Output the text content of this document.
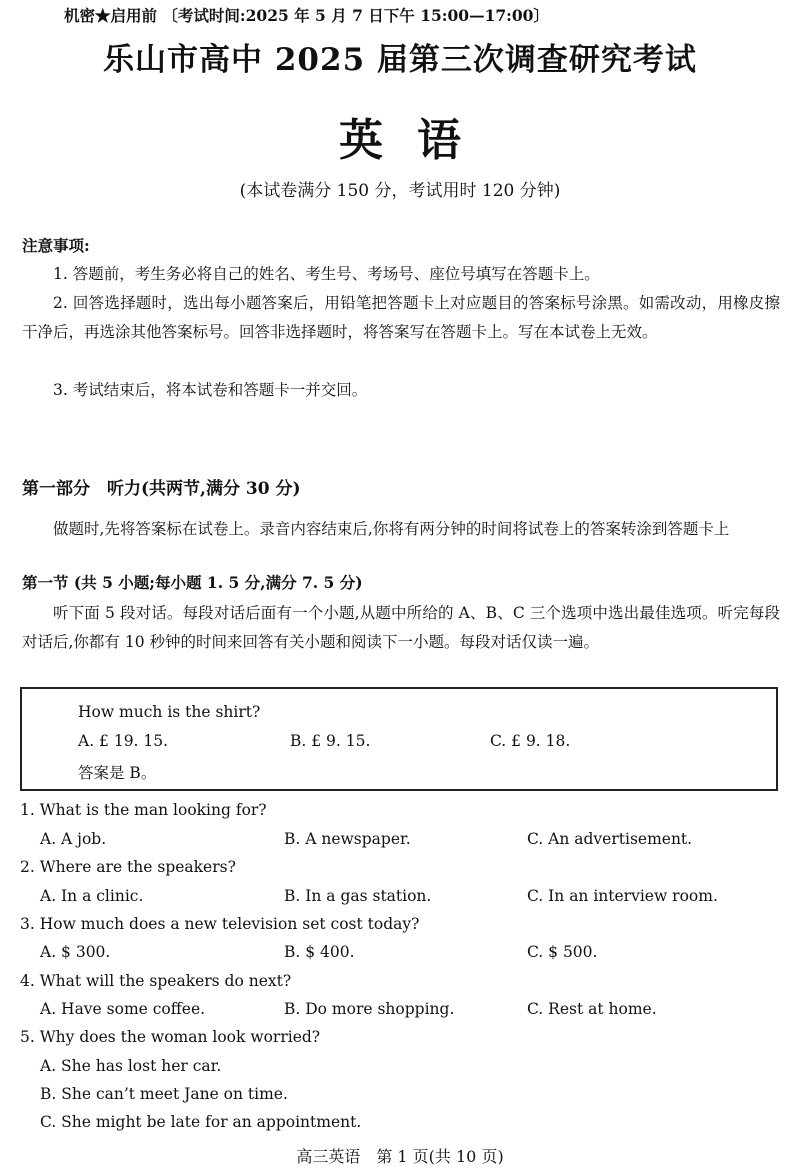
机密★启用前 〔考试时间:2025 年 5 月 7 日下午 15:00—17:00〕
乐山市高中 2025 届第三次调查研究考试
英语
(本试卷满分 150 分，考试用时 120 分钟)
注意事项:
1. 答题前，考生务必将自己的姓名、考生号、考场号、座位号填写在答题卡上。
2. 回答选择题时，选出每小题答案后，用铅笔把答题卡上对应题目的答案标号涂黑。如需改动，用橡皮擦干净后，再选涂其他答案标号。回答非选择题时，将答案写在答题卡上。写在本试卷上无效。
3. 考试结束后，将本试卷和答题卡一并交回。
第一部分　听力(共两节,满分 30 分)
做题时,先将答案标在试卷上。录音内容结束后,你将有两分钟的时间将试卷上的答案转涂到答题卡上
第一节 (共 5 小题;每小题 1. 5 分,满分 7. 5 分)
听下面 5 段对话。每段对话后面有一个小题,从题中所给的 A、B、C 三个选项中选出最佳选项。听完每段对话后,你都有 10 秒钟的时间来回答有关小题和阅读下一小题。每段对话仅读一遍。
How much is the shirt?
A. £ 19. 15.	B. £ 9. 15.	C. £ 9. 18.
答案是 B。
1. What is the man looking for?
A. A job.	B. A newspaper.	C. An advertisement.
2. Where are the speakers?
A. In a clinic.	B. In a gas station.	C. In an interview room.
3. How much does a new television set cost today?
A. $ 300.	B. $ 400.	C. $ 500.
4. What will the speakers do next?
A. Have some coffee.	B. Do more shopping.	C. Rest at home.
5. Why does the woman look worried?
A. She has lost her car.
B. She can’t meet Jane on time.
C. She might be late for an appointment.
高三英语　第 1 页(共 10 页)
